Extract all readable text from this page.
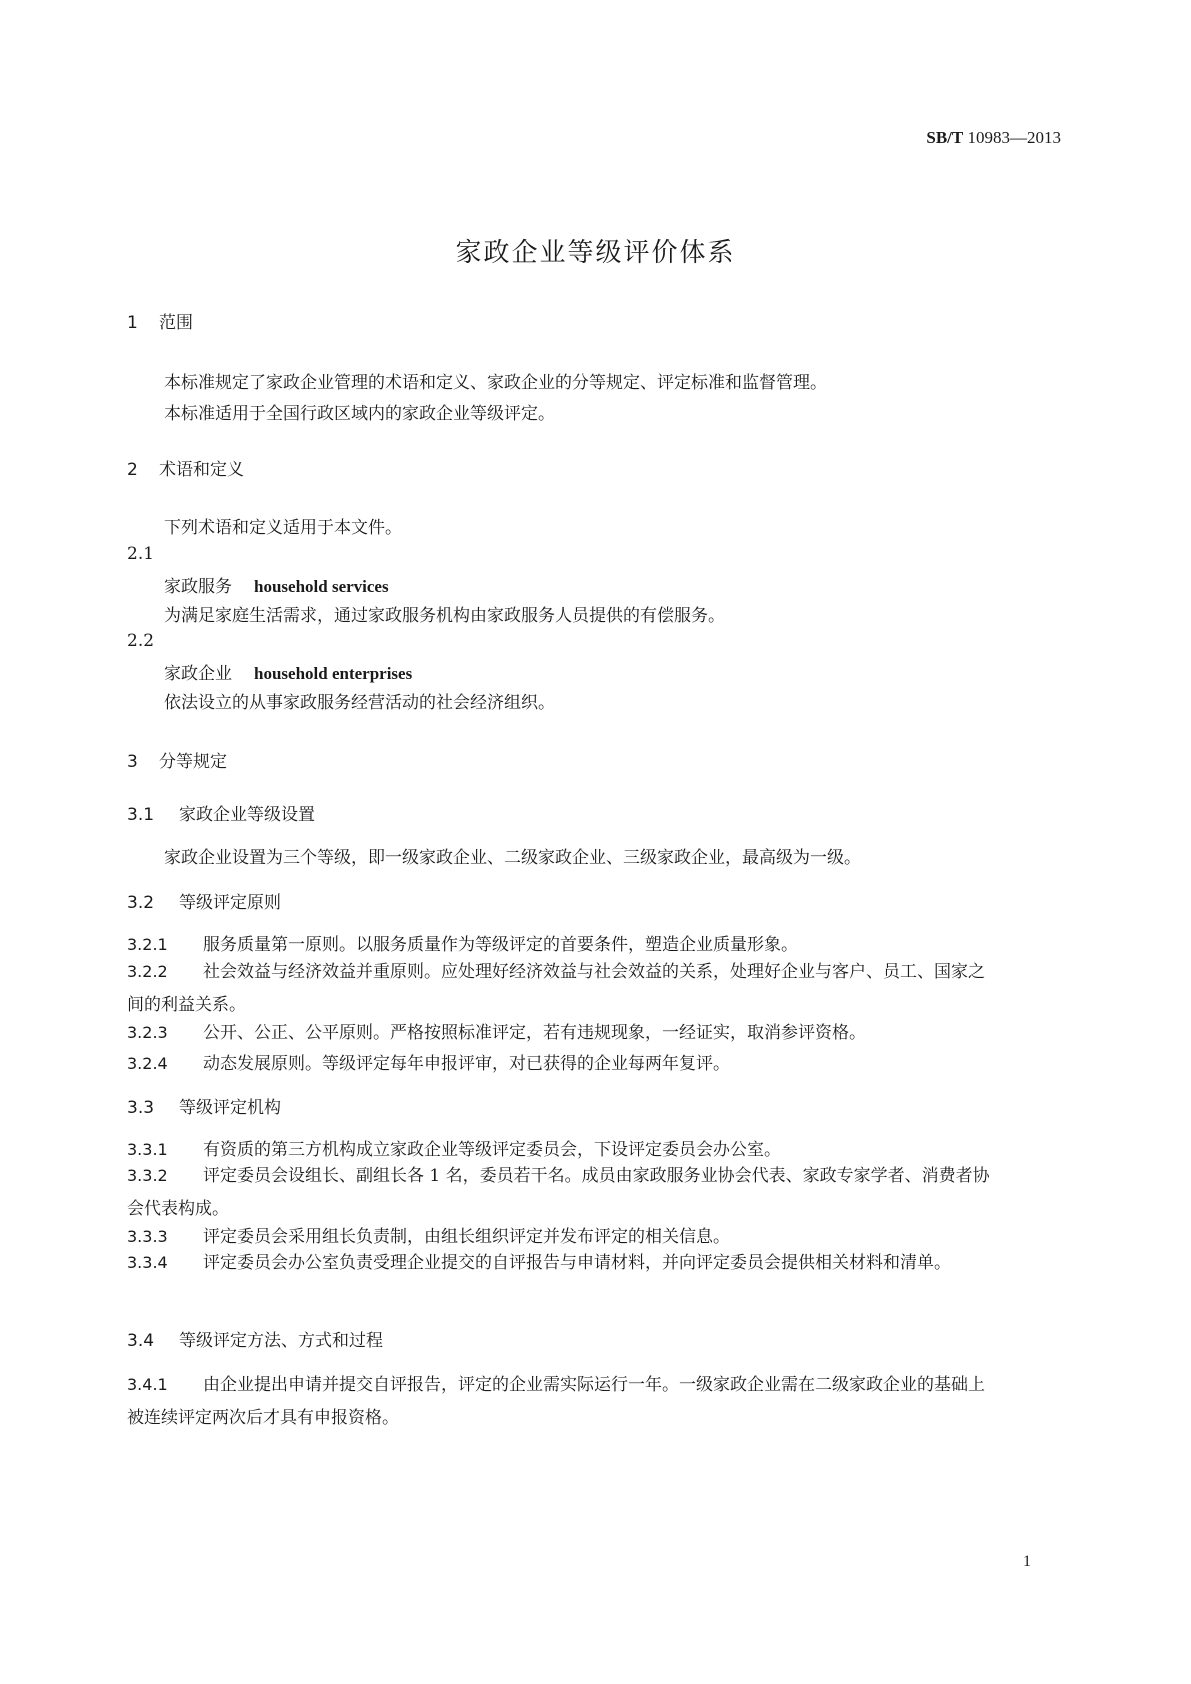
SB/T 10983—2013
家政企业等级评价体系
1 范围
本标准规定了家政企业管理的术语和定义、家政企业的分等规定、评定标准和监督管理。
本标准适用于全国行政区域内的家政企业等级评定。
2 术语和定义
下列术语和定义适用于本文件。
2.1
家政服务 household services
为满足家庭生活需求，通过家政服务机构由家政服务人员提供的有偿服务。
2.2
家政企业 household enterprises
依法设立的从事家政服务经营活动的社会经济组织。
3 分等规定
3.1 家政企业等级设置
家政企业设置为三个等级，即一级家政企业、二级家政企业、三级家政企业，最高级为一级。
3.2 等级评定原则
3.2.1 服务质量第一原则。以服务质量作为等级评定的首要条件，塑造企业质量形象。
3.2.2 社会效益与经济效益并重原则。应处理好经济效益与社会效益的关系，处理好企业与客户、员工、国家之间的利益关系。
3.2.3 公开、公正、公平原则。严格按照标准评定，若有违规现象，一经证实，取消参评资格。
3.2.4 动态发展原则。等级评定每年申报评审，对已获得的企业每两年复评。
3.3 等级评定机构
3.3.1 有资质的第三方机构成立家政企业等级评定委员会，下设评定委员会办公室。
3.3.2 评定委员会设组长、副组长各 1 名，委员若干名。成员由家政服务业协会代表、家政专家学者、消费者协会代表构成。
3.3.3 评定委员会采用组长负责制，由组长组织评定并发布评定的相关信息。
3.3.4 评定委员会办公室负责受理企业提交的自评报告与申请材料，并向评定委员会提供相关材料和清单。
3.4 等级评定方法、方式和过程
3.4.1 由企业提出申请并提交自评报告，评定的企业需实际运行一年。一级家政企业需在二级家政企业的基础上被连续评定两次后才具有申报资格。
1
